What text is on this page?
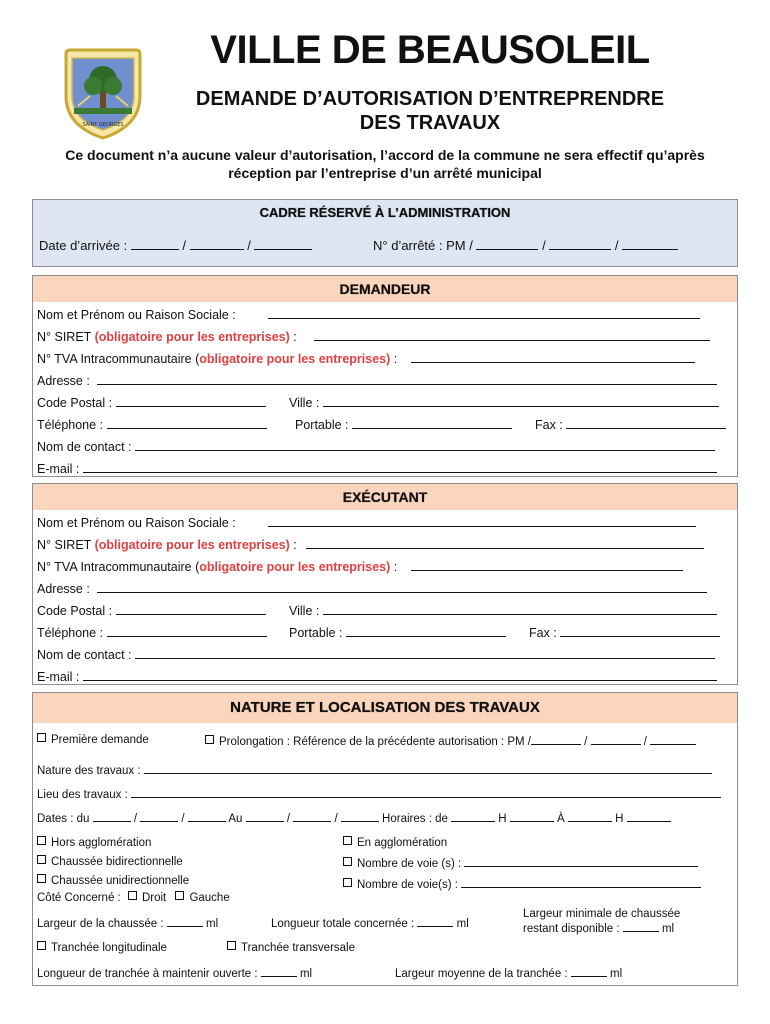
SAINT GEORGES
VILLE DE BEAUSOLEIL
DEMANDE D’AUTORISATION D’ENTREPRENDRE
DES TRAVAUX
Ce document n’a aucune valeur d’autorisation, l’accord de la commune ne sera effectif qu’après
réception par l’entreprise d’un arrêté municipal
CADRE RÉSERVÉ À L’ADMINISTRATION
Date d’arrivée :	/	/	N° d’arrêté : PM /	/	/
DEMANDEUR
Nom et Prénom ou Raison Sociale :
N° SIRET (obligatoire pour les entreprises) :
N° TVA Intracommunautaire (obligatoire pour les entreprises) :
Adresse :
Code Postal :	Ville :
Téléphone :	Portable :	Fax :
Nom de contact :
E-mail :
EXÉCUTANT
Nom et Prénom ou Raison Sociale :
N° SIRET (obligatoire pour les entreprises) :
N° TVA Intracommunautaire (obligatoire pour les entreprises) :
Adresse :
Code Postal :	Ville :
Téléphone :	Portable :	Fax :
Nom de contact :
E-mail :
NATURE ET LOCALISATION DES TRAVAUX
Première demande	Prolongation : Référence de la précédente autorisation : PM /	/	/
Nature des travaux :
Lieu des travaux :
Dates : du	/	/	Au	/	/	Horaires : de	H	À	H
Hors agglomération	En agglomération
Chaussée bidirectionnelle	Nombre de voie (s) :
Chaussée unidirectionnelle	Nombre de voie(s) :
Côté Concerné : Droit Gauche
Largeur de la chaussée :	ml	Longueur totale concernée :	ml
Largeur minimale de chaussée
restant disponible :	ml
Tranchée longitudinale	Tranchée transversale
Longueur de tranchée à maintenir ouverte :	ml	Largeur moyenne de la tranchée :	ml
